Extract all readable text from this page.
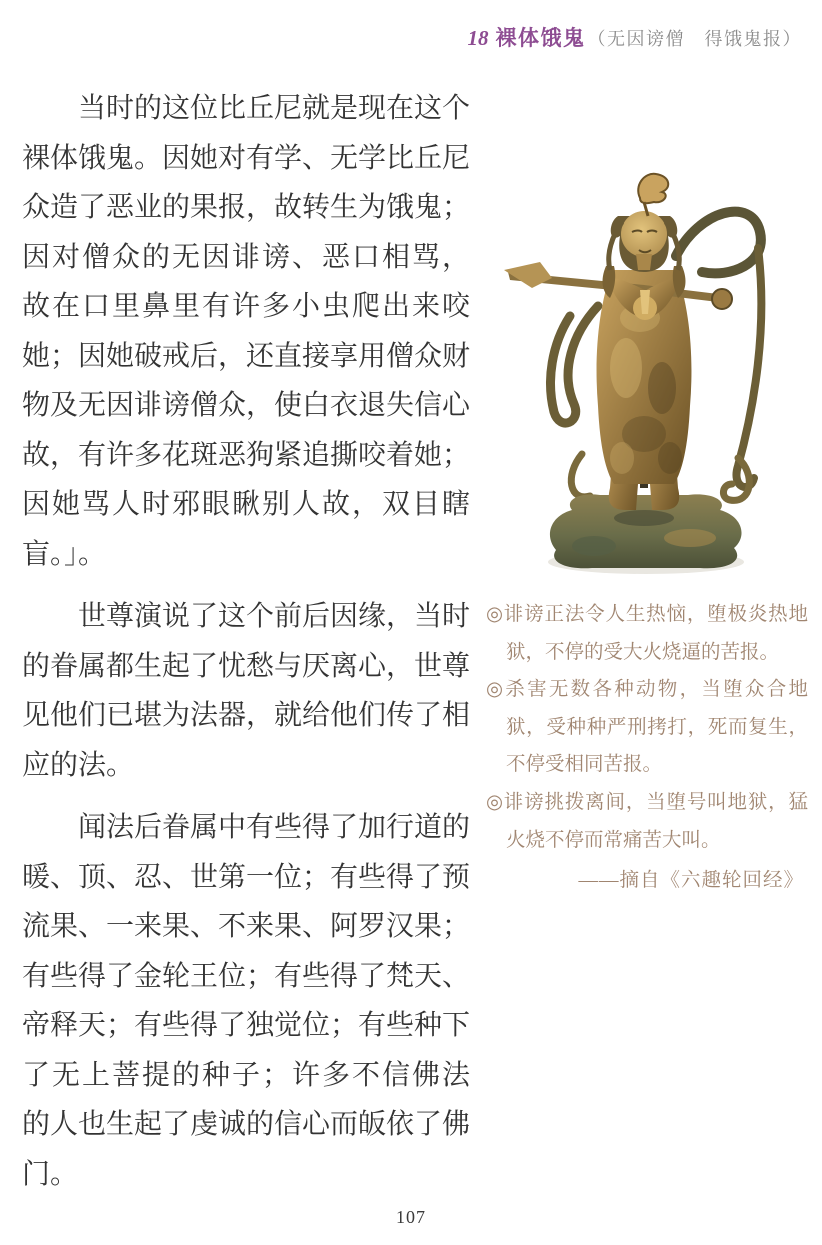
18 裸体饿鬼 （无因谤僧　得饿鬼报）
当时的这位比丘尼就是现在这个
裸体饿鬼。因她对有学、无学比丘尼
众造了恶业的果报，故转生为饿鬼；
因对僧众的无因诽谤、恶口相骂，
故在口里鼻里有许多小虫爬出来咬
她；因她破戒后，还直接享用僧众财
物及无因诽谤僧众，使白衣退失信心
故，有许多花斑恶狗紧追撕咬着她；
因她骂人时邪眼瞅别人故，双目瞎
盲。」。
世尊演说了这个前后因缘，当时
的眷属都生起了忧愁与厌离心，世尊
见他们已堪为法器，就给他们传了相
应的法。
闻法后眷属中有些得了加行道的
暖、顶、忍、世第一位；有些得了预
流果、一来果、不来果、阿罗汉果；
有些得了金轮王位；有些得了梵天、
帝释天；有些得了独觉位；有些种下
了无上菩提的种子；许多不信佛法
的人也生起了虔诚的信心而皈依了佛
门。
◎诽谤正法令人生热恼，堕极炎热地
狱，不停的受大火烧逼的苦报。
◎杀害无数各种动物，当堕众合地
狱，受种种严刑拷打，死而复生，
不停受相同苦报。
◎诽谤挑拨离间，当堕号叫地狱，猛
火烧不停而常痛苦大叫。
——摘自《六趣轮回经》
107
